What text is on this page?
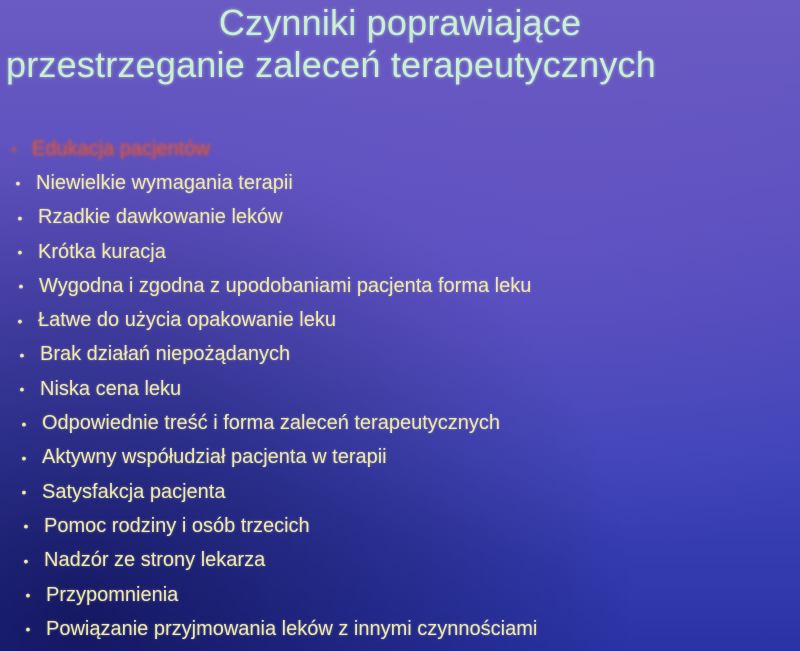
Czynniki poprawiające
przestrzeganie zaleceń terapeutycznych
• Edukacja pacjentów
• Niewielkie wymagania terapii
• Rzadkie dawkowanie leków
• Krótka kuracja
• Wygodna i zgodna z upodobaniami pacjenta forma leku
• Łatwe do użycia opakowanie leku
• Brak działań niepożądanych
• Niska cena leku
• Odpowiednie treść i forma zaleceń terapeutycznych
• Aktywny współudział pacjenta w terapii
• Satysfakcja pacjenta
• Pomoc rodziny i osób trzecich
• Nadzór ze strony lekarza
• Przypomnienia
• Powiązanie przyjmowania leków z innymi czynnościami
